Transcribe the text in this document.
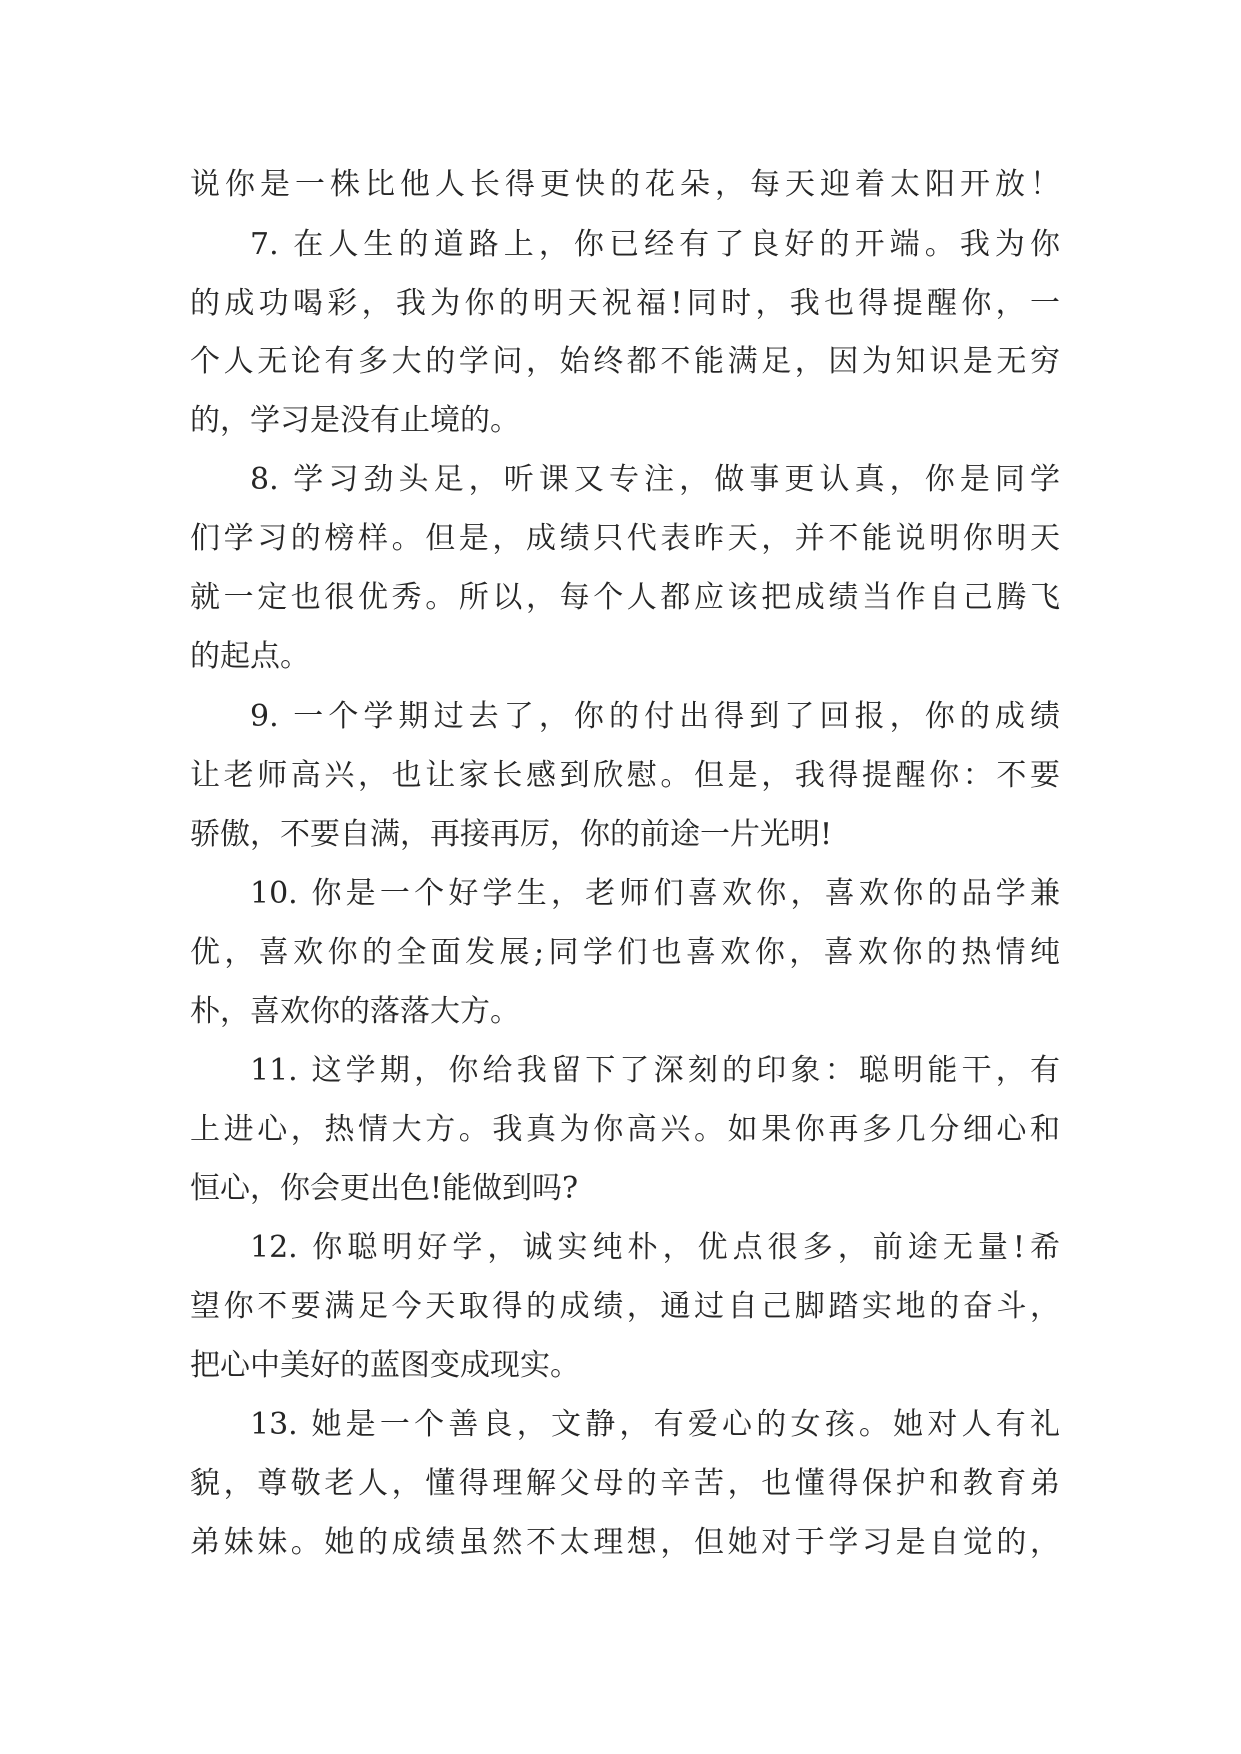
说你是一株比他人长得更快的花朵，每天迎着太阳开放！
7. 在人生的道路上，你已经有了良好的开端。我为你
的成功喝彩，我为你的明天祝福!同时，我也得提醒你，一
个人无论有多大的学问，始终都不能满足，因为知识是无穷
的，学习是没有止境的。
8. 学习劲头足，听课又专注，做事更认真，你是同学
们学习的榜样。但是，成绩只代表昨天，并不能说明你明天
就一定也很优秀。所以，每个人都应该把成绩当作自己腾飞
的起点。
9. 一个学期过去了，你的付出得到了回报，你的成绩
让老师高兴，也让家长感到欣慰。但是，我得提醒你：不要
骄傲，不要自满，再接再厉，你的前途一片光明!
10. 你是一个好学生，老师们喜欢你，喜欢你的品学兼
优，喜欢你的全面发展;同学们也喜欢你，喜欢你的热情纯
朴，喜欢你的落落大方。
11. 这学期，你给我留下了深刻的印象：聪明能干，有
上进心，热情大方。我真为你高兴。如果你再多几分细心和
恒心，你会更出色!能做到吗?
12. 你聪明好学，诚实纯朴，优点很多，前途无量!希
望你不要满足今天取得的成绩，通过自己脚踏实地的奋斗，
把心中美好的蓝图变成现实。
13. 她是一个善良，文静，有爱心的女孩。她对人有礼
貌，尊敬老人，懂得理解父母的辛苦，也懂得保护和教育弟
弟妹妹。她的成绩虽然不太理想，但她对于学习是自觉的，
